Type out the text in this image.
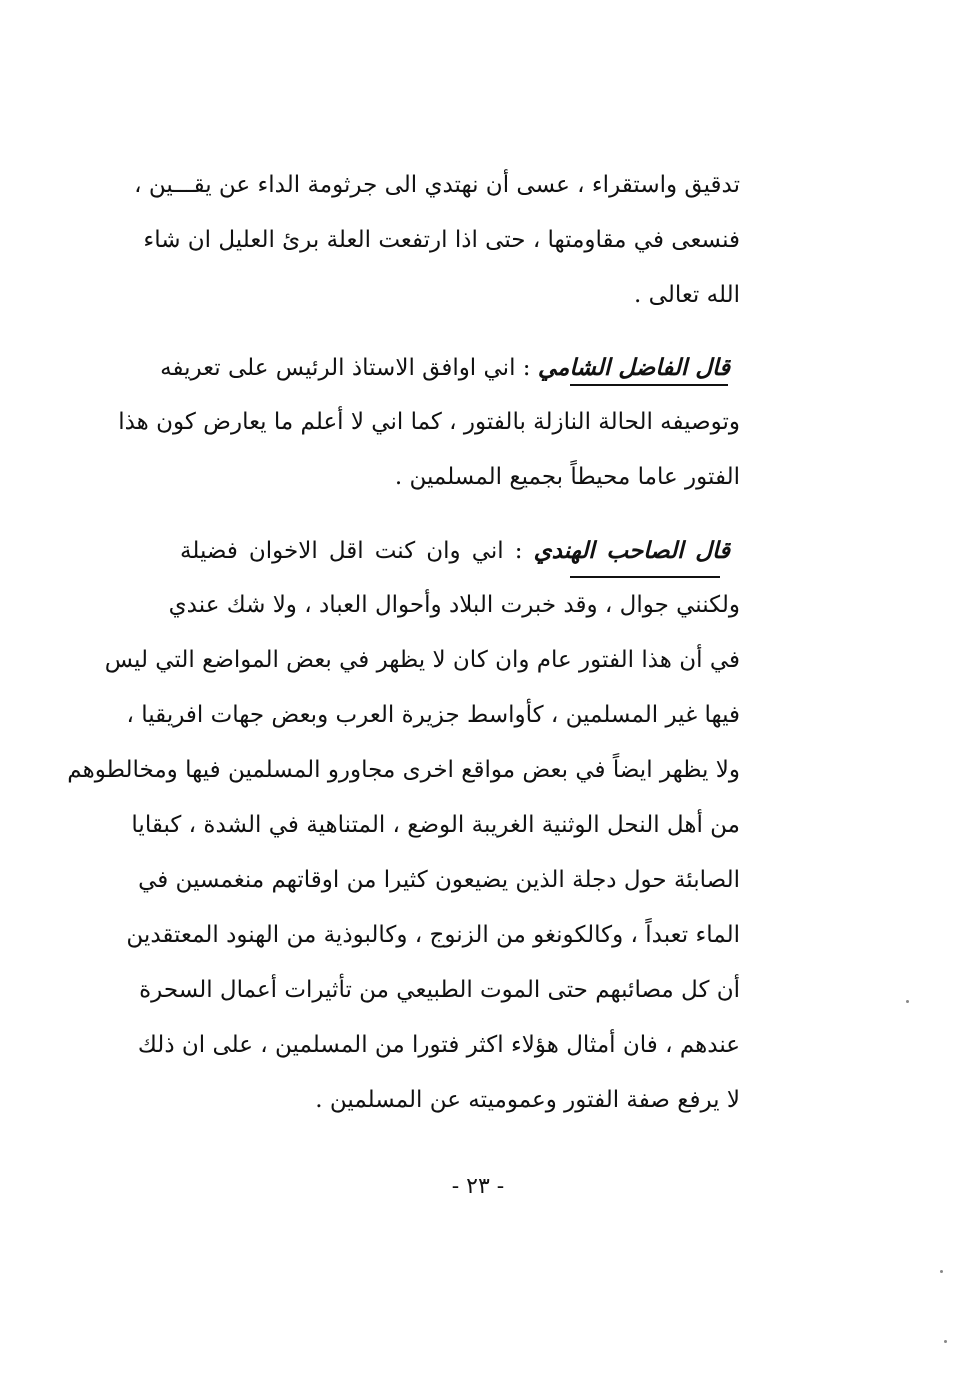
تدقيق واستقراء ، عسى أن نهتدي الى جرثومة الداء عن يقـــين ،
فنسعى في مقاومتها ، حتى اذا ارتفعت العلة برئ العليل ان شاء
الله تعالى .
قال الفاضل الشامي : اني اوافق الاستاذ الرئيس على تعريفه
وتوصيفه الحالة النازلة بالفتور ، كما اني لا أعلم ما يعارض كون هذا
الفتور عاما محيطاً بجميع المسلمين .
قال الصاحب الهندي : اني وان كنت اقل الاخوان فضيلة
ولكنني جوال ، وقد خبرت البلاد وأحوال العباد ، ولا شك عندي
في أن هذا الفتور عام وان كان لا يظهر في بعض المواضع التي ليس
فيها غير المسلمين ، كأواسط جزيرة العرب وبعض جهات افريقيا ،
ولا يظهر ايضاً في بعض مواقع اخرى مجاورو المسلمين فيها ومخالطوهم
من أهل النحل الوثنية الغريبة الوضع ، المتناهية في الشدة ، كبقايا
الصابئة حول دجلة الذين يضيعون كثيرا من اوقاتهم منغمسين في
الماء تعبداً ، وكالكونغو من الزنوج ، وكالبوذية من الهنود المعتقدين
أن كل مصائبهم حتى الموت الطبيعي من تأثيرات أعمال السحرة
عندهم ، فان أمثال هؤلاء اكثر فتورا من المسلمين ، على ان ذلك
لا يرفع صفة الفتور وعموميته عن المسلمين .
- ٢٣ -
